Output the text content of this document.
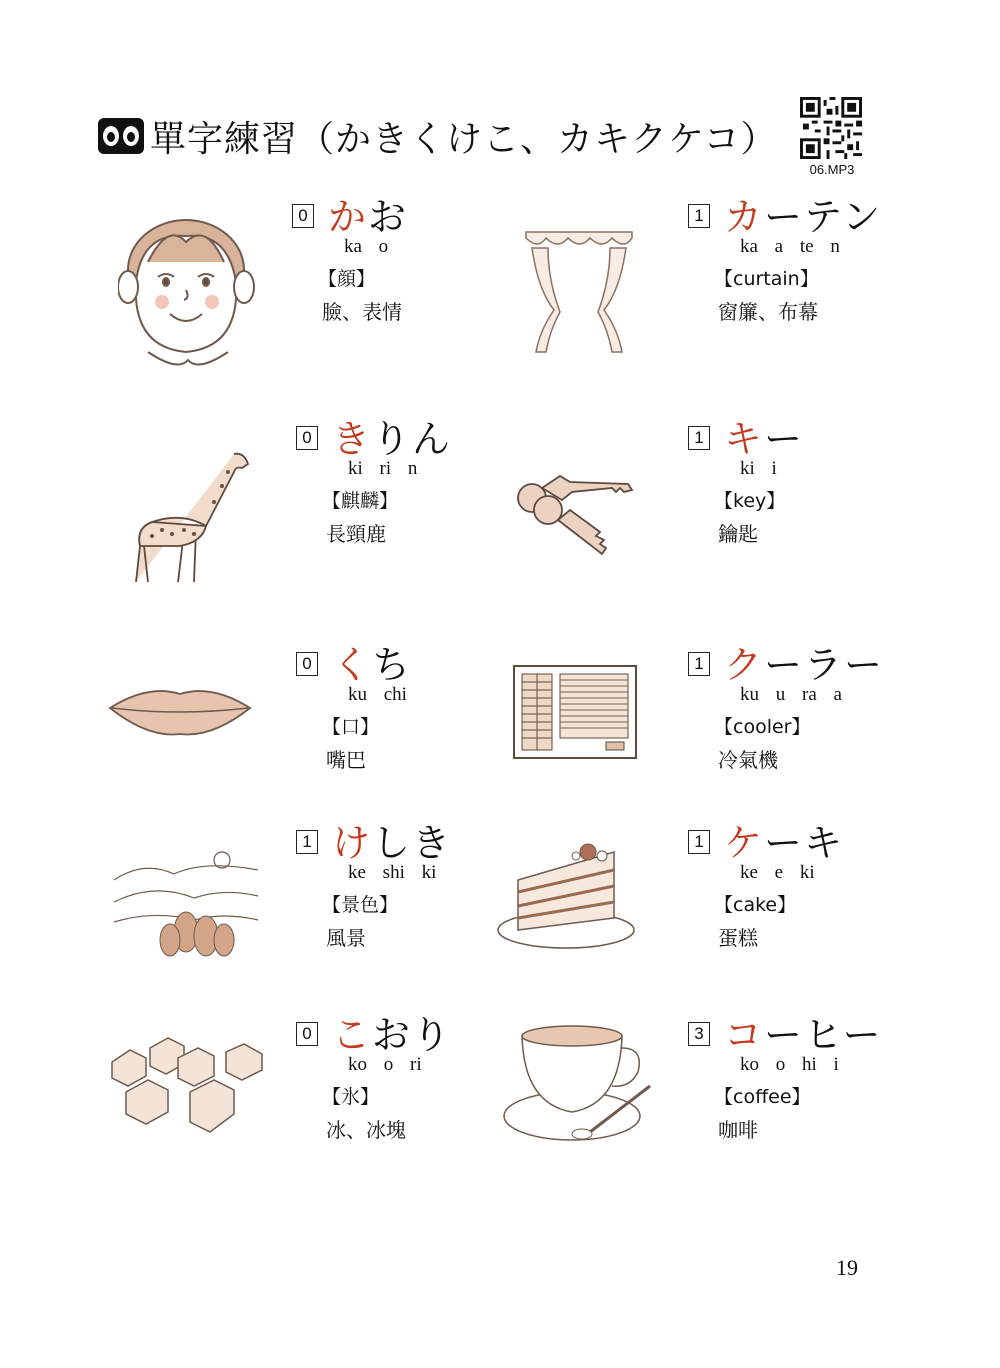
單字練習（かきくけこ、カキクケコ）
06.MP3
0 かお
ka o
【顔】
臉、表情
1 カーテン
ka a te n
【curtain】
窗簾、布幕
0 きりん
ki ri n
【麒麟】
長頸鹿
1 キー
ki i
【key】
鑰匙
0 くち
ku chi
【口】
嘴巴
1 クーラー
ku u ra a
【cooler】
冷氣機
1 けしき
ke shi ki
【景色】
風景
1 ケーキ
ke e ki
【cake】
蛋糕
0 こおり
ko o ri
【氷】
冰、冰塊
3 コーヒー
ko o hi i
【coffee】
咖啡
19
